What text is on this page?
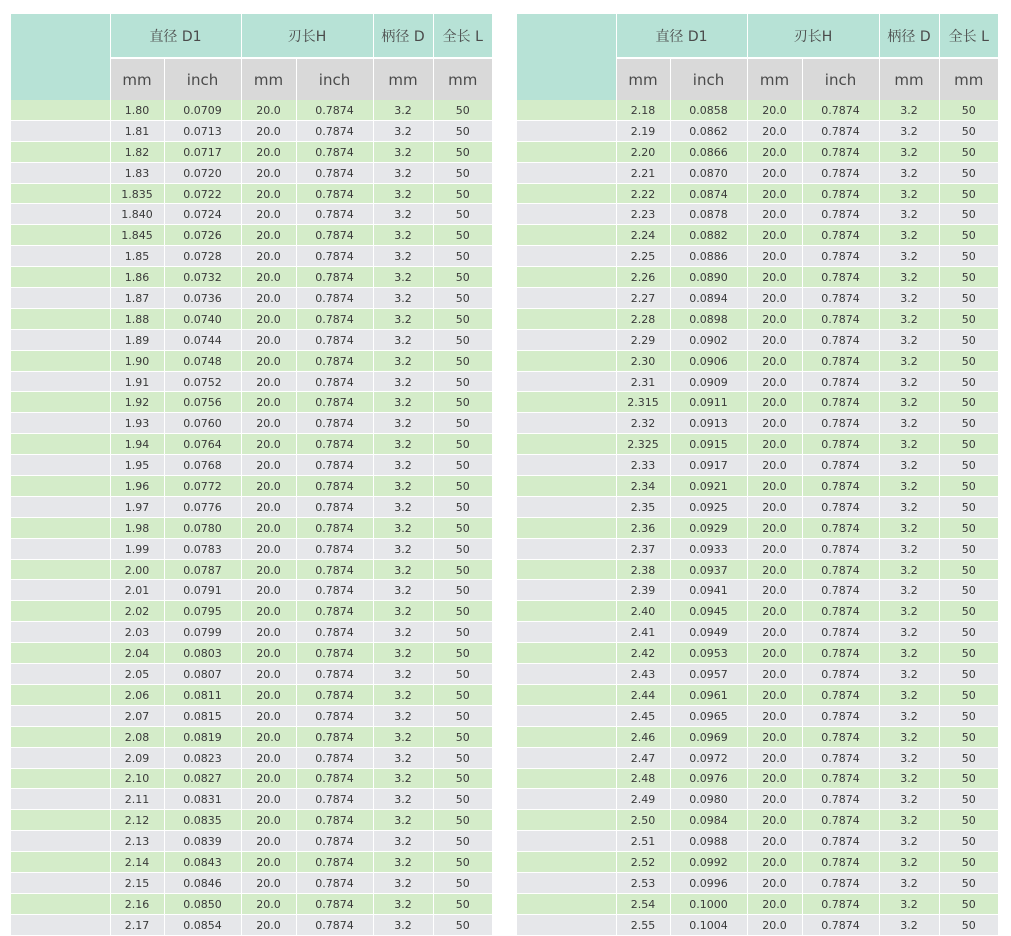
	直径 D1		刃长H		柄径 D	全长 L
	mm	inch	mm	inch	mm	mm
	1.80	0.0709	20.0	0.7874	3.2	50
	1.81	0.0713	20.0	0.7874	3.2	50
	1.82	0.0717	20.0	0.7874	3.2	50
	1.83	0.0720	20.0	0.7874	3.2	50
	1.835	0.0722	20.0	0.7874	3.2	50
	1.840	0.0724	20.0	0.7874	3.2	50
	1.845	0.0726	20.0	0.7874	3.2	50
	1.85	0.0728	20.0	0.7874	3.2	50
	1.86	0.0732	20.0	0.7874	3.2	50
	1.87	0.0736	20.0	0.7874	3.2	50
	1.88	0.0740	20.0	0.7874	3.2	50
	1.89	0.0744	20.0	0.7874	3.2	50
	1.90	0.0748	20.0	0.7874	3.2	50
	1.91	0.0752	20.0	0.7874	3.2	50
	1.92	0.0756	20.0	0.7874	3.2	50
	1.93	0.0760	20.0	0.7874	3.2	50
	1.94	0.0764	20.0	0.7874	3.2	50
	1.95	0.0768	20.0	0.7874	3.2	50
	1.96	0.0772	20.0	0.7874	3.2	50
	1.97	0.0776	20.0	0.7874	3.2	50
	1.98	0.0780	20.0	0.7874	3.2	50
	1.99	0.0783	20.0	0.7874	3.2	50
	2.00	0.0787	20.0	0.7874	3.2	50
	2.01	0.0791	20.0	0.7874	3.2	50
	2.02	0.0795	20.0	0.7874	3.2	50
	2.03	0.0799	20.0	0.7874	3.2	50
	2.04	0.0803	20.0	0.7874	3.2	50
	2.05	0.0807	20.0	0.7874	3.2	50
	2.06	0.0811	20.0	0.7874	3.2	50
	2.07	0.0815	20.0	0.7874	3.2	50
	2.08	0.0819	20.0	0.7874	3.2	50
	2.09	0.0823	20.0	0.7874	3.2	50
	2.10	0.0827	20.0	0.7874	3.2	50
	2.11	0.0831	20.0	0.7874	3.2	50
	2.12	0.0835	20.0	0.7874	3.2	50
	2.13	0.0839	20.0	0.7874	3.2	50
	2.14	0.0843	20.0	0.7874	3.2	50
	2.15	0.0846	20.0	0.7874	3.2	50
	2.16	0.0850	20.0	0.7874	3.2	50
	2.17	0.0854	20.0	0.7874	3.2	50
	直径 D1		刃长H		柄径 D	全长 L
	mm	inch	mm	inch	mm	mm
	2.18	0.0858	20.0	0.7874	3.2	50
	2.19	0.0862	20.0	0.7874	3.2	50
	2.20	0.0866	20.0	0.7874	3.2	50
	2.21	0.0870	20.0	0.7874	3.2	50
	2.22	0.0874	20.0	0.7874	3.2	50
	2.23	0.0878	20.0	0.7874	3.2	50
	2.24	0.0882	20.0	0.7874	3.2	50
	2.25	0.0886	20.0	0.7874	3.2	50
	2.26	0.0890	20.0	0.7874	3.2	50
	2.27	0.0894	20.0	0.7874	3.2	50
	2.28	0.0898	20.0	0.7874	3.2	50
	2.29	0.0902	20.0	0.7874	3.2	50
	2.30	0.0906	20.0	0.7874	3.2	50
	2.31	0.0909	20.0	0.7874	3.2	50
	2.315	0.0911	20.0	0.7874	3.2	50
	2.32	0.0913	20.0	0.7874	3.2	50
	2.325	0.0915	20.0	0.7874	3.2	50
	2.33	0.0917	20.0	0.7874	3.2	50
	2.34	0.0921	20.0	0.7874	3.2	50
	2.35	0.0925	20.0	0.7874	3.2	50
	2.36	0.0929	20.0	0.7874	3.2	50
	2.37	0.0933	20.0	0.7874	3.2	50
	2.38	0.0937	20.0	0.7874	3.2	50
	2.39	0.0941	20.0	0.7874	3.2	50
	2.40	0.0945	20.0	0.7874	3.2	50
	2.41	0.0949	20.0	0.7874	3.2	50
	2.42	0.0953	20.0	0.7874	3.2	50
	2.43	0.0957	20.0	0.7874	3.2	50
	2.44	0.0961	20.0	0.7874	3.2	50
	2.45	0.0965	20.0	0.7874	3.2	50
	2.46	0.0969	20.0	0.7874	3.2	50
	2.47	0.0972	20.0	0.7874	3.2	50
	2.48	0.0976	20.0	0.7874	3.2	50
	2.49	0.0980	20.0	0.7874	3.2	50
	2.50	0.0984	20.0	0.7874	3.2	50
	2.51	0.0988	20.0	0.7874	3.2	50
	2.52	0.0992	20.0	0.7874	3.2	50
	2.53	0.0996	20.0	0.7874	3.2	50
	2.54	0.1000	20.0	0.7874	3.2	50
	2.55	0.1004	20.0	0.7874	3.2	50
